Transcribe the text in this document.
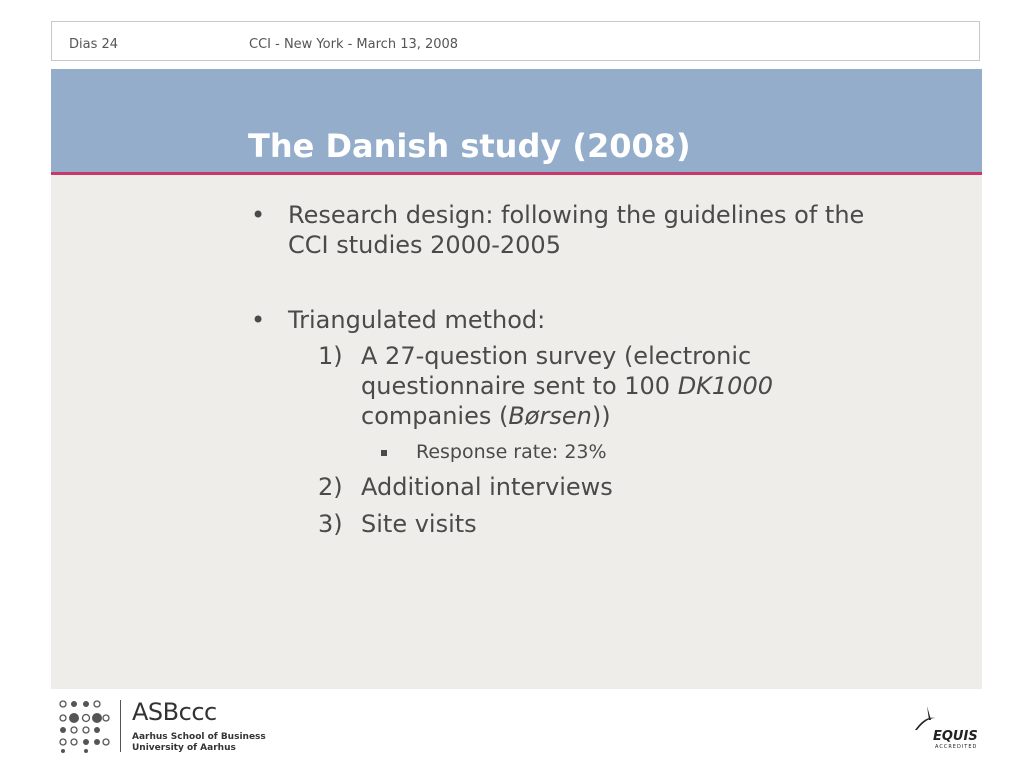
Dias 24	CCI - New York - March 13, 2008
The Danish study (2008)
• Research design: following the guidelines of the
CCI studies 2000-2005
• Triangulated method:
1) A 27-question survey (electronic
questionnaire sent to 100 DK1000
companies (Børsen))
Response rate: 23%
2) Additional interviews
3) Site visits
ASBccc
Aarhus School of Business
University of Aarhus
EQUIS
ACCREDITED
